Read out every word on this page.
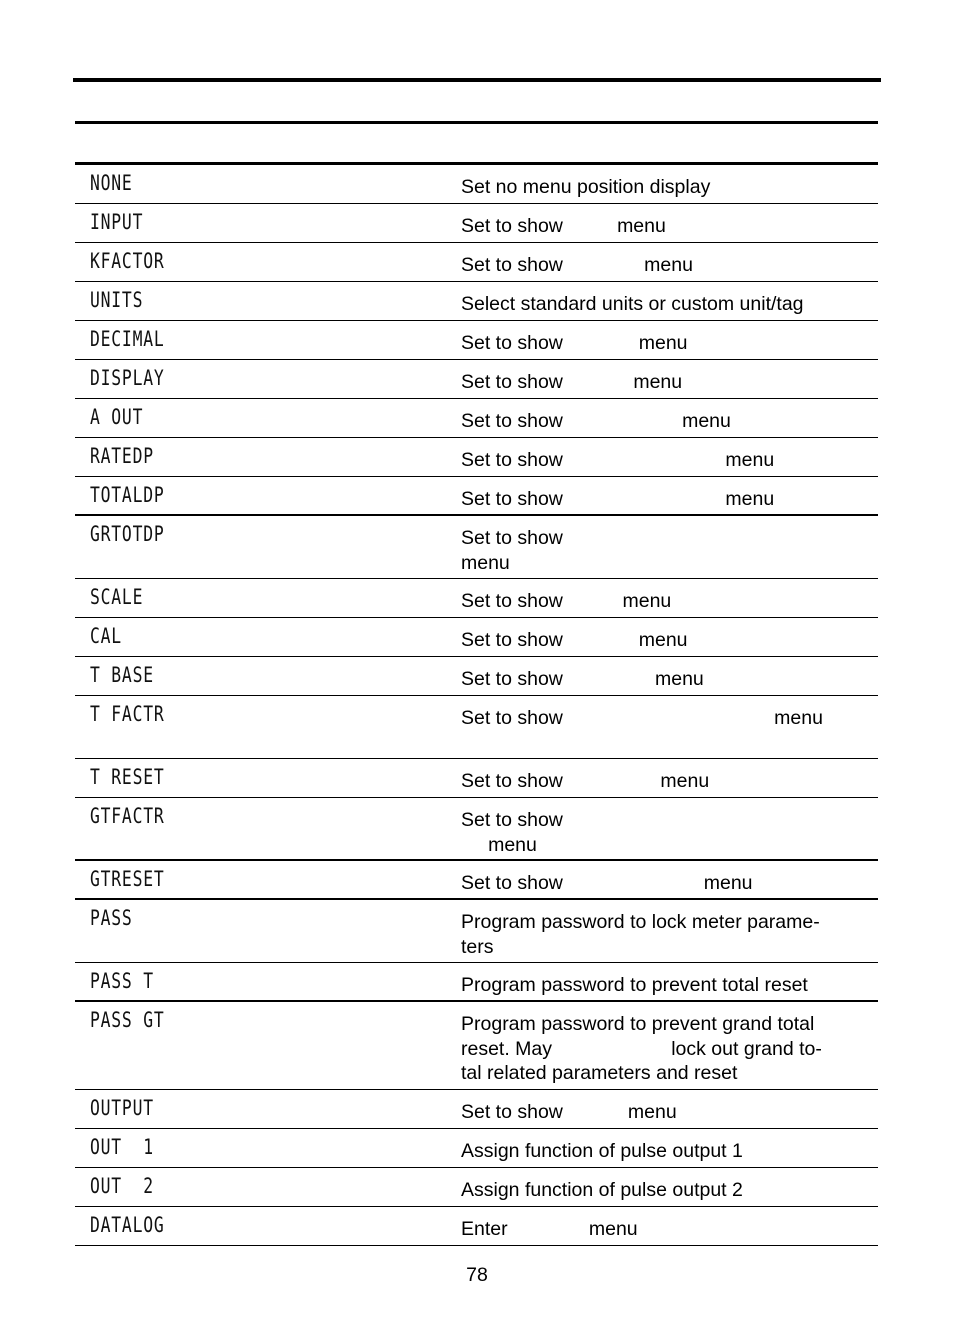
NONE	Set no menu position display
INPUT	Set to show          menu
KFACTOR	Set to show               menu
UNITS	Select standard units or custom unit/tag
DECIMAL	Set to show              menu
DISPLAY	Set to show             menu
A OUT	Set to show                      menu
RATEDP	Set to show                              menu
TOTALDP	Set to show                              menu
GRTOTDP	Set to show
menu
SCALE	Set to show           menu
CAL	Set to show              menu
T BASE	Set to show                 menu
T FACTR	Set to show                                       menu
T RESET	Set to show                  menu
GTFACTR	Set to show
menu
GTRESET	Set to show                          menu
PASS	Program password to lock meter parame-
ters
PASS T	Program password to prevent total reset
PASS GT	Program password to prevent grand total
reset. May                      lock out grand to-
tal related parameters and reset
OUTPUT	Set to show            menu
OUT  1	Assign function of pulse output 1
OUT  2	Assign function of pulse output 2
DATALOG	Enter               menu
78
